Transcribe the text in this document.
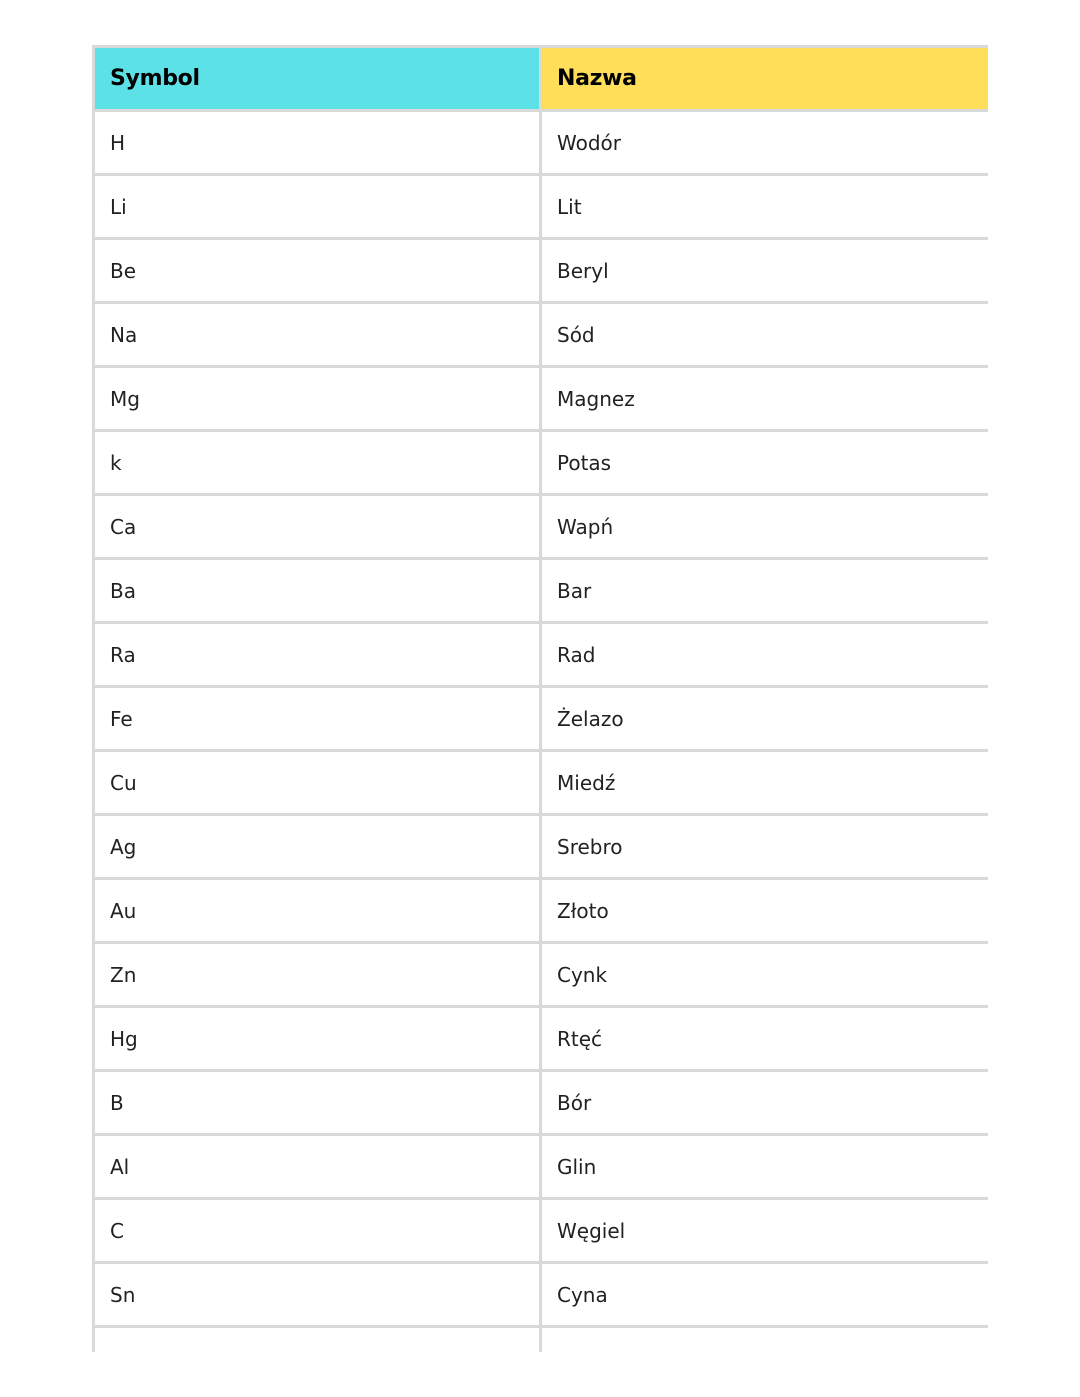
Symbol	Nazwa
H	Wodór
Li	Lit
Be	Beryl
Na	Sód
Mg	Magnez
k	Potas
Ca	Wapń
Ba	Bar
Ra	Rad
Fe	Żelazo
Cu	Miedź
Ag	Srebro
Au	Złoto
Zn	Cynk
Hg	Rtęć
B	Bór
Al	Glin
C	Węgiel
Sn	Cyna
